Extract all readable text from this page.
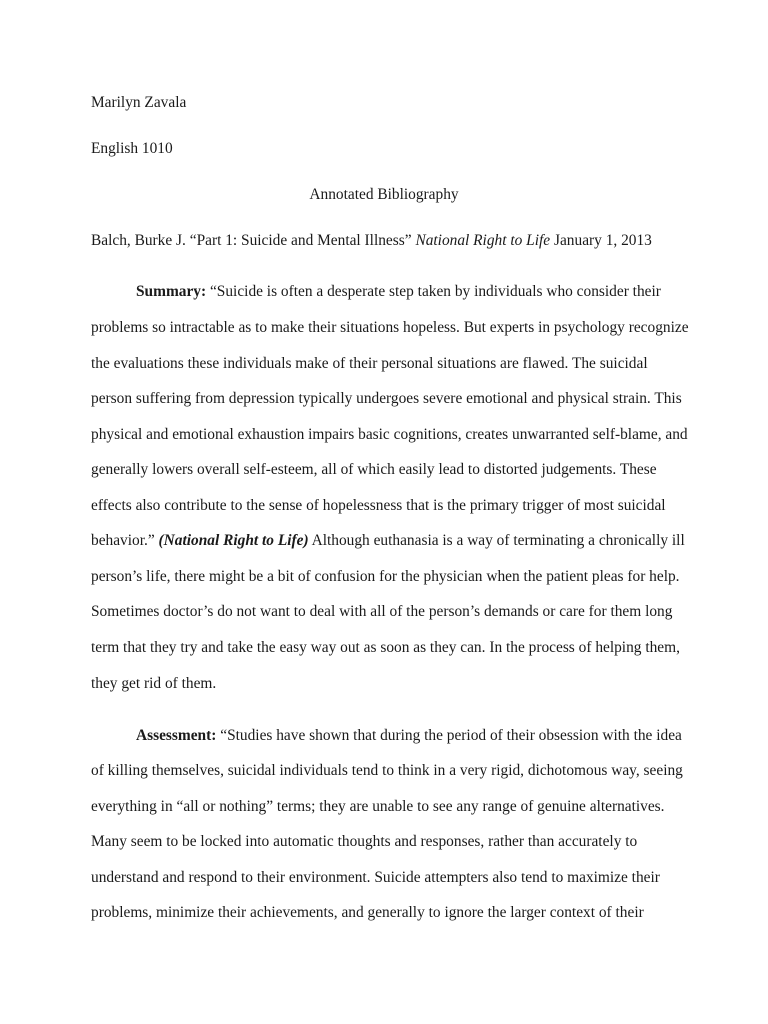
Marilyn Zavala
English 1010
Annotated Bibliography
Balch, Burke J. “Part 1: Suicide and Mental Illness” National Right to Life January 1, 2013
Summary: “Suicide is often a desperate step taken by individuals who consider their
problems so intractable as to make their situations hopeless. But experts in psychology recognize
the evaluations these individuals make of their personal situations are flawed. The suicidal
person suffering from depression typically undergoes severe emotional and physical strain. This
physical and emotional exhaustion impairs basic cognitions, creates unwarranted self-blame, and
generally lowers overall self-esteem, all of which easily lead to distorted judgements. These
effects also contribute to the sense of hopelessness that is the primary trigger of most suicidal
behavior.” (National Right to Life) Although euthanasia is a way of terminating a chronically ill
person’s life, there might be a bit of confusion for the physician when the patient pleas for help.
Sometimes doctor’s do not want to deal with all of the person’s demands or care for them long
term that they try and take the easy way out as soon as they can. In the process of helping them,
they get rid of them.
Assessment: “Studies have shown that during the period of their obsession with the idea
of killing themselves, suicidal individuals tend to think in a very rigid, dichotomous way, seeing
everything in “all or nothing” terms; they are unable to see any range of genuine alternatives.
Many seem to be locked into automatic thoughts and responses, rather than accurately to
understand and respond to their environment. Suicide attempters also tend to maximize their
problems, minimize their achievements, and generally to ignore the larger context of their
